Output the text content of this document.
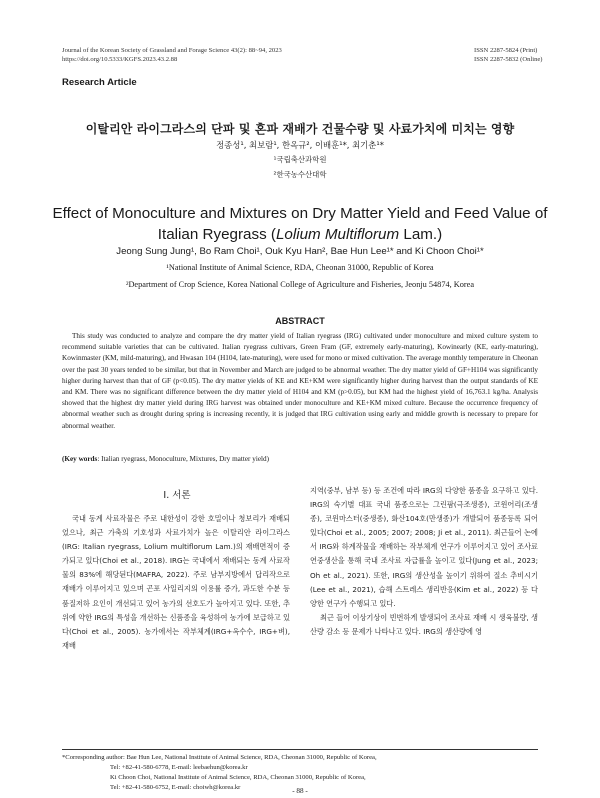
Journal of the Korean Society of Grassland and Forage Science 43(2): 88~94, 2023
https://doi.org/10.5333/KGFS.2023.43.2.88
ISSN 2287-5824 (Print)
ISSN 2287-5832 (Online)
Research Article
이탈리안 라이그라스의 단파 및 혼파 재배가 건물수량 및 사료가치에 미치는 영향
정종성¹, 최보람¹, 한옥규², 이배훈¹*, 최기춘¹*
¹국립축산과학원
²한국농수산대학
Effect of Monoculture and Mixtures on Dry Matter Yield and Feed Value of
Italian Ryegrass (Lolium Multiflorum Lam.)
Jeong Sung Jung¹, Bo Ram Choi¹, Ouk Kyu Han², Bae Hun Lee¹* and Ki Choon Choi¹*
¹National Institute of Animal Science, RDA, Cheonan 31000, Republic of Korea
²Department of Crop Science, Korea National College of Agriculture and Fisheries, Jeonju 54874, Korea
ABSTRACT
This study was conducted to analyze and compare the dry matter yield of Italian ryegrass (IRG) cultivated under monoculture and mixed culture system to recommend suitable varieties that can be cultivated. Italian ryegrass cultivars, Green Fram (GF, extremely early-maturing), Kowinearly (KE, early-maturing), Kowinmaster (KM, mild-maturing), and Hwasan 104 (H104, late-maturing), were used for mono or mixed cultivation. The average monthly temperature in Cheonan over the past 30 years tended to be similar, but that in November and March are judged to be abnormal weather. The dry matter yield of GF+H104 was significantly higher during harvest than that of GF (p<0.05). The dry matter yields of KE and KE+KM were significantly higher during harvest than the output standards of KE and KM. There was no significant difference between the dry matter yield of H104 and KM (p>0.05), but KM had the highest yield of 16,763.1 kg/ha. Analysis showed that the highest dry matter yield during IRG harvest was obtained under monoculture and KE+KM mixed culture. Because the occurrence frequency of abnormal weather such as drought during spring is increasing recently, it is judged that IRG cultivation using early and middle growth is necessary to prepare for abnormal weather.
(Key words: Italian ryegrass, Monoculture, Mixtures, Dry matter yield)
Ⅰ. 서론

국내 동계 사료작물은 주로 내한성이 강한 호밀이나 청보리가 재배되었으나, 최근 가축의 기호성과 사료가치가 높은 이탈리안 라이그라스(IRG: Italian ryegrass, Lolium multiflorum Lam.)의 재배면적이 증가되고 있다(Choi et al., 2018). IRG는 국내에서 재배되는 동계 사료작물의 83%에 해당된다(MAFRA, 2022). 주로 남부지방에서 답리작으로 재배가 이루어지고 있으며 곤포 사일리지의 이용률 증가, 과도한 수분 등 품질저하 요인이 개선되고 있어 농가의 선호도가 높아지고 있다. 또한, 추위에 약한 IRG의 특성을 개선하는 신품종을 육성하여 농가에 보급하고 있다(Choi et al., 2005). 농가에서는 작부체계(IRG+옥수수, IRG+벼), 재배

지역(중부, 남부 등) 등 조건에 따라 IRG의 다양한 품종을 요구하고 있다. IRG의 숙기별 대표 국내 품종으로는 그린팜(극조생종), 코윈어리(조생종), 코윈마스터(중생종), 화산104호(만생종)가 개발되어 품종등록 되어있다(Choi et al., 2005; 2007; 2008; Ji et al., 2011). 최근들어 논에서 IRG와 하계작물을 재배하는 작부체계 연구가 이루어지고 있어 조사료 연중생산을 통해 국내 조사료 자급률을 높이고 있다(Jung et al., 2023; Oh et al., 2021). 또한, IRG의 생산성을 높이기 위하여 질소 추비시기(Lee et al., 2021), 습해 스트레스 생리반응(Kim et al., 2022) 등 다양한 연구가 수행되고 있다.

최근 들어 이상기상이 빈번하게 발생되어 조사료 재배 시 생육불량, 생산량 감소 등 문제가 나타나고 있다. IRG의 생산량에 영

*Corresponding author: Bae Hun Lee, National Institute of Animal Science, RDA, Cheonan 31000, Republic of Korea,
Tel: +82-41-580-6778, E-mail: leebaehun@korea.kr
Ki Choon Choi, National Institute of Animal Science, RDA, Cheonan 31000, Republic of Korea,
Tel: +82-41-580-6752, E-mail: choiwh@korea.kr	- 88 -
